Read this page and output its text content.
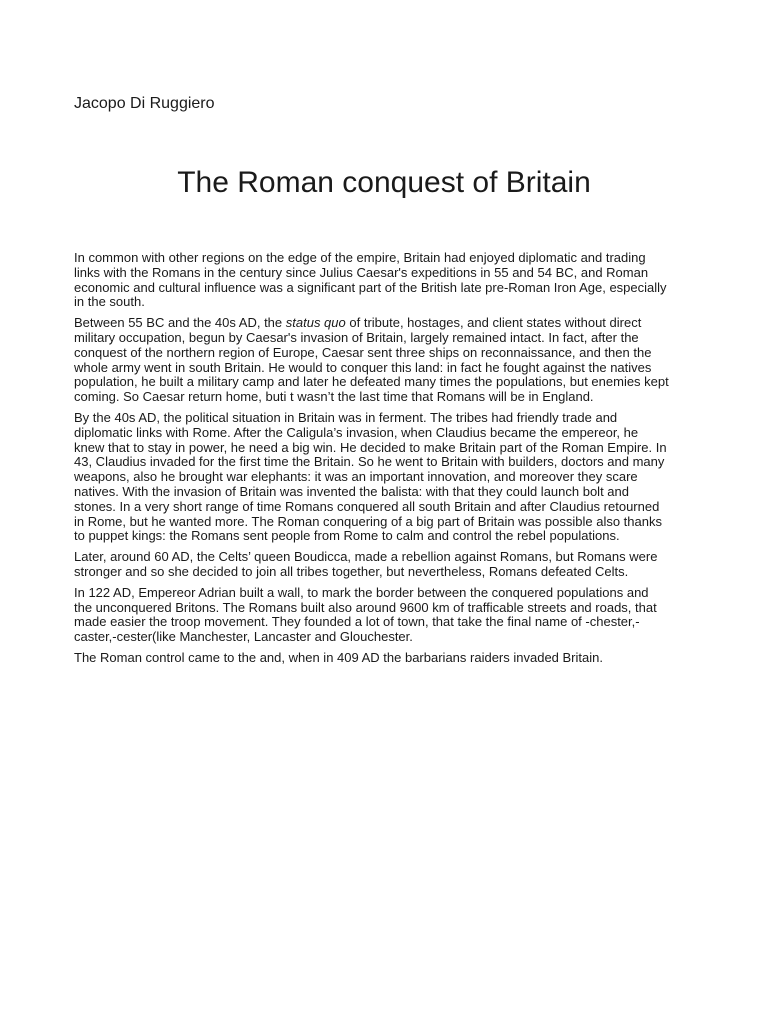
Jacopo Di Ruggiero

The Roman conquest of Britain

In common with other regions on the edge of the empire, Britain had enjoyed diplomatic and trading
links with the Romans in the century since Julius Caesar's expeditions in 55 and 54 BC, and Roman
economic and cultural influence was a significant part of the British late pre-Roman Iron Age, especially
in the south.

Between 55 BC and the 40s AD, the status quo of tribute, hostages, and client states without direct
military occupation, begun by Caesar's invasion of Britain, largely remained intact. In fact, after the
conquest of the northern region of Europe, Caesar sent three ships on reconnaissance, and then the
whole army went in south Britain. He would to conquer this land: in fact he fought against the natives
population, he built a military camp and later he defeated many times the populations, but enemies kept
coming. So Caesar return home, buti t wasn’t the last time that Romans will be in England.

By the 40s AD, the political situation in Britain was in ferment. The tribes had friendly trade and
diplomatic links with Rome. After the Caligula’s invasion, when Claudius became the empereor, he
knew that to stay in power, he need a big win. He decided to make Britain part of the Roman Empire. In
43, Claudius invaded for the first time the Britain. So he went to Britain with builders, doctors and many
weapons, also he brought war elephants: it was an important innovation, and moreover they scare
natives. With the invasion of Britain was invented the balista: with that they could launch bolt and
stones. In a very short range of time Romans conquered all south Britain and after Claudius retourned
in Rome, but he wanted more. The Roman conquering of a big part of Britain was possible also thanks
to puppet kings: the Romans sent people from Rome to calm and control the rebel populations.

Later, around 60 AD, the Celts’ queen Boudicca, made a rebellion against Romans, but Romans were
stronger and so she decided to join all tribes together, but nevertheless, Romans defeated Celts.

In 122 AD, Empereor Adrian built a wall, to mark the border between the conquered populations and
the unconquered Britons. The Romans built also around 9600 km of trafficable streets and roads, that
made easier the troop movement. They founded a lot of town, that take the final name of -chester,-
caster,-cester(like Manchester, Lancaster and Glouchester.

The Roman control came to the and, when in 409 AD the barbarians raiders invaded Britain.
